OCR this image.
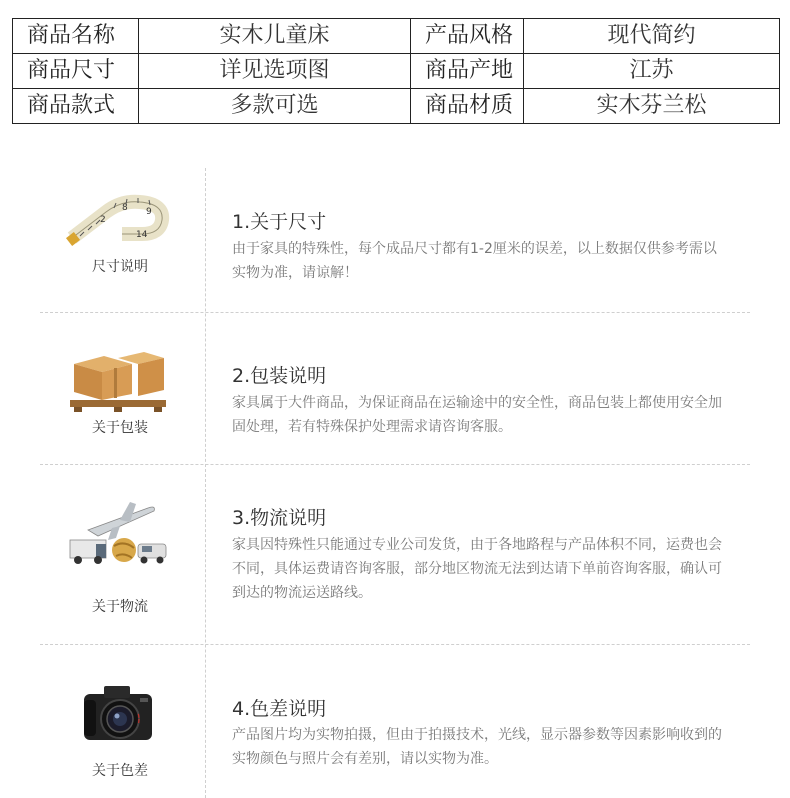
商品名称	实木儿童床	产品风格	现代简约
商品尺寸	详见选项图	商品产地	江苏
商品款式	多款可选	商品材质	实木芬兰松
2
8 9
14
尺寸说明
1.关于尺寸
由于家具的特殊性，每个成品尺寸都有1-2厘米的误差，以上数据仅供参考需以实物为准，请谅解！
关于包装
2.包装说明
家具属于大件商品，为保证商品在运输途中的安全性，商品包装上都使用安全加固处理，若有特殊保护处理需求请咨询客服。
关于物流
3.物流说明
家具因特殊性只能通过专业公司发货，由于各地路程与产品体积不同，运费也会不同，具体运费请咨询客服，部分地区物流无法到达请下单前咨询客服，确认可到达的物流运送路线。
关于色差
4.色差说明
产品图片均为实物拍摄，但由于拍摄技术，光线，显示器参数等因素影响收到的实物颜色与照片会有差别，请以实物为准。
